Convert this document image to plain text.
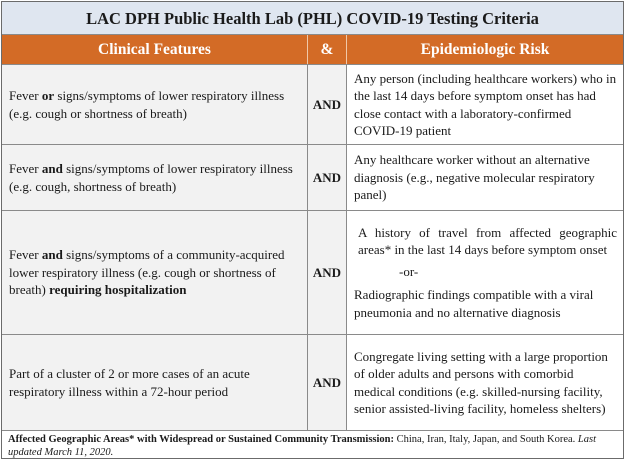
LAC DPH Public Health Lab (PHL) COVID-19 Testing Criteria
Clinical Features	&	Epidemiologic Risk
Fever or signs/symptoms of lower respiratory illness (e.g. cough or shortness of breath)
AND
Any person (including healthcare workers) who in the last 14 days before symptom onset has had close contact with a laboratory-confirmed COVID-19 patient
Fever and signs/symptoms of lower respiratory illness (e.g. cough, shortness of breath)
AND
Any healthcare worker without an alternative diagnosis (e.g., negative molecular respiratory panel)
Fever and signs/symptoms of a community-acquired lower respiratory illness (e.g. cough or shortness of breath) requiring hospitalization
AND
A history of travel from affected geographic areas* in the last 14 days before symptom onset
-or-
Radiographic findings compatible with a viral pneumonia and no alternative diagnosis
Part of a cluster of 2 or more cases of an acute respiratory illness within a 72-hour period
AND
Congregate living setting with a large proportion of older adults and persons with comorbid medical conditions (e.g. skilled-nursing facility, senior assisted-living facility, homeless shelters)
Affected Geographic Areas* with Widespread or Sustained Community Transmission: China, Iran, Italy, Japan, and South Korea. Last updated March 11, 2020.
